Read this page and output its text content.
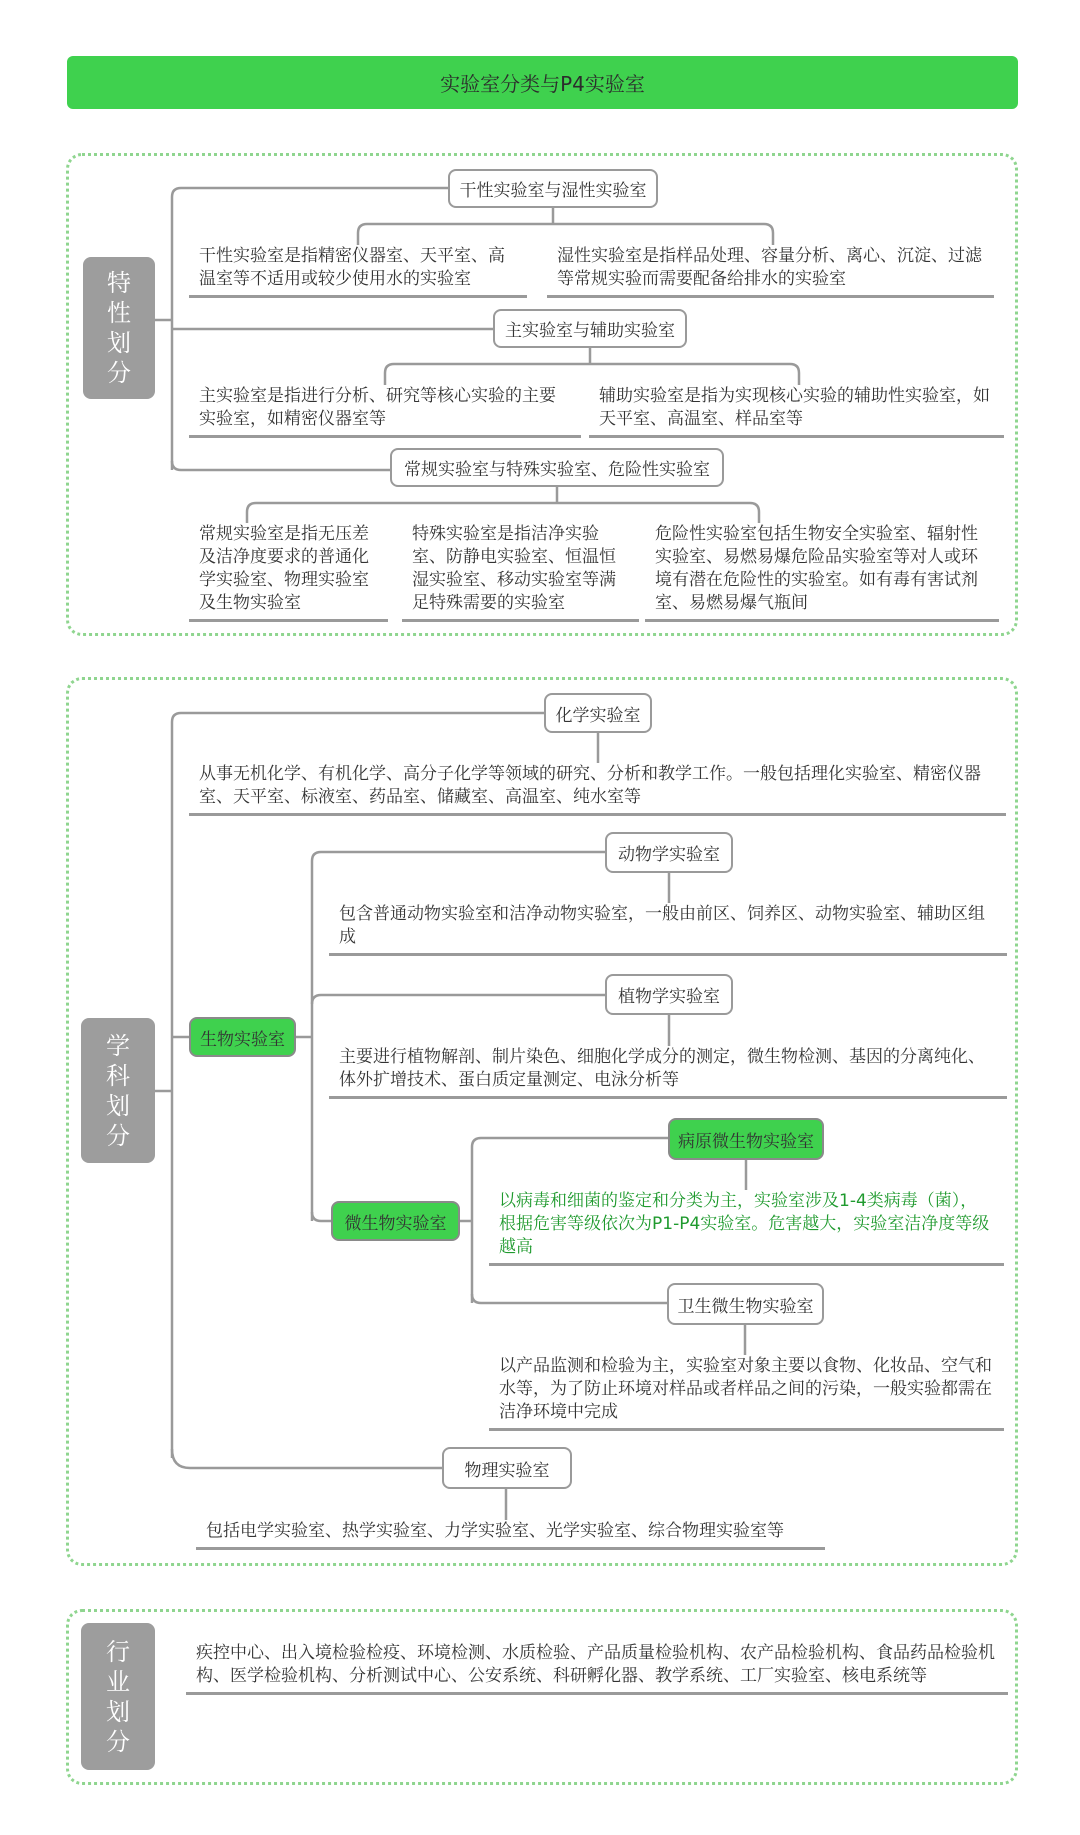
实验室分类与P4实验室
特
性
划
分
干性实验室与湿性实验室
干性实验室是指精密仪器室、天平室、高温室等不适用或较少使用水的实验室
湿性实验室是指样品处理、容量分析、离心、沉淀、过滤等常规实验而需要配备给排水的实验室
主实验室与辅助实验室
主实验室是指进行分析、研究等核心实验的主要实验室，如精密仪器室等
辅助实验室是指为实现核心实验的辅助性实验室，如天平室、高温室、样品室等
常规实验室与特殊实验室、危险性实验室
常规实验室是指无压差及洁净度要求的普通化学实验室、物理实验室及生物实验室
特殊实验室是指洁净实验室、防静电实验室、恒温恒湿实验室、移动实验室等满足特殊需要的实验室
危险性实验室包括生物安全实验室、辐射性实验室、易燃易爆危险品实验室等对人或环境有潜在危险性的实验室。如有毒有害试剂室、易燃易爆气瓶间
学
科
划
分
化学实验室
从事无机化学、有机化学、高分子化学等领域的研究、分析和教学工作。一般包括理化实验室、精密仪器室、天平室、标液室、药品室、储藏室、高温室、纯水室等
生物实验室
动物学实验室
包含普通动物实验室和洁净动物实验室，一般由前区、饲养区、动物实验室、辅助区组成
植物学实验室
主要进行植物解剖、制片染色、细胞化学成分的测定，微生物检测、基因的分离纯化、体外扩增技术、蛋白质定量测定、电泳分析等
微生物实验室
病原微生物实验室
以病毒和细菌的鉴定和分类为主，实验室涉及1-4类病毒（菌），根据危害等级依次为P1-P4实验室。危害越大，实验室洁净度等级越高
卫生微生物实验室
以产品监测和检验为主，实验室对象主要以食物、化妆品、空气和水等，为了防止环境对样品或者样品之间的污染，一般实验都需在洁净环境中完成
物理实验室
包括电学实验室、热学实验室、力学实验室、光学实验室、综合物理实验室等
行
业
划
分
疾控中心、出入境检验检疫、环境检测、水质检验、产品质量检验机构、农产品检验机构、食品药品检验机构、医学检验机构、分析测试中心、公安系统、科研孵化器、教学系统、工厂实验室、核电系统等
